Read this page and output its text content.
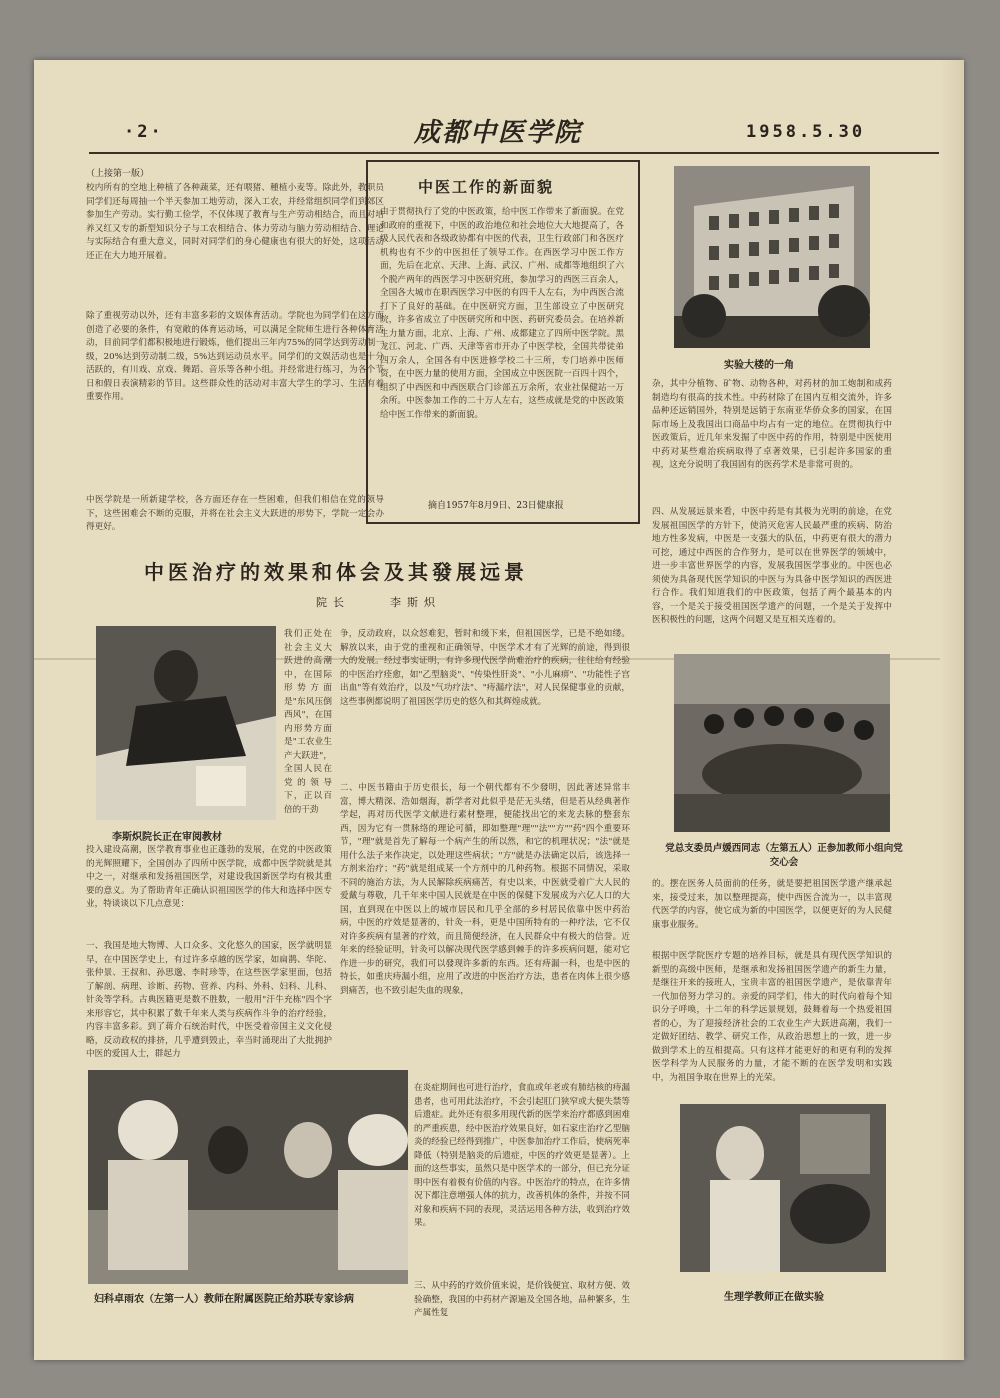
·2·	成都中医学院	1958.5.30
（上接第一版）
校内所有的空地上种植了各种蔬菜，还有喂猪、種植小麦等。除此外，教职员同学们还每周抽一个半天参加工地劳动，深入工农，并经常组织同学们到郊区参加生产劳动。实行勤工俭学，不仅体现了教育与生产劳动相结合，而且对培养又红又专的新型知识分子与工农相结合、体力劳动与脑力劳动相结合、理论与实际结合有重大意义，同时对同学们的身心健康也有很大的好处，这项活动还正在大力地开展着。
除了重视劳动以外，还有丰富多彩的文娱体育活动。学院也为同学们在这方面创造了必要的条件，有宽敞的体育运动场，可以满足全院师生进行各种体育活动，目前同学们都积极地进行锻炼，他们提出三年内75%的同学达到劳动制一级，20%达到劳动制二级，5%达到运动员水平。同学们的文娱活动也是十分活跃的，有川戏、京戏、舞蹈、音乐等各种小组。并经常进行练习，为各个节日和假日表演精彩的节目。这些群众性的活动对丰富大学生的学习、生活有着重要作用。
中医学院是一所新建学校，各方面还存在一些困难，但我们相信在党的领导下，这些困难会不断的克服，并将在社会主义大跃进的形势下，学院一定会办得更好。
中医工作的新面貌
由于贯彻执行了党的中医政策，给中医工作带来了新面貌。在党和政府的重视下，中医的政治地位和社会地位大大地提高了，各级人民代表和各级政协都有中医的代表，卫生行政部门和各医疗机构也有不少的中医担任了领导工作。在西医学习中医工作方面，先后在北京、天津、上海、武汉、广州、成都等地组织了六个脱产两年的西医学习中医研究班，参加学习的西医三百余人，全国各大城市在职西医学习中医的有四千人左右，为中西医合流打下了良好的基础。在中医研究方面，卫生部设立了中医研究院，许多省成立了中医研究所和中医、药研究委员会。在培养新生力量方面，北京、上海、广州、成都建立了四所中医学院。黑龙江、河北、广西、天津等省市开办了中医学校，全国共带徒弟四万余人，全国各有中医进修学校二十三所，专门培养中医师资，在中医力量的使用方面，全国成立中医医院一百四十四个，组织了中西医和中西医联合门诊部五万余所，农业社保健站一万余所。中医参加工作的二十万人左右，这些成就是党的中医政策给中医工作带来的新面貌。
摘自1957年8月9日、23日健康报
实验大楼的一角
杂，其中分植物、矿物、动物各种，对药材的加工炮制和成药制造均有很高的技术性。中药材除了在国内互相交流外，许多品种还远销国外，特别是远销于东南亚华侨众多的国家，在国际市场上及我国出口商品中均占有一定的地位。在贯彻执行中医政策后，近几年来发掘了中医中药的作用，特别是中医使用中药对某些难治疾病取得了卓著效果，已引起许多国家的重视，这充分说明了我国固有的医药学术是非常可贵的。
四、从发展远景来看，中医中药是有其极为光明的前途，在党发展祖国医学的方针下，使消灭危害人民最严重的疾病、防治地方性多发病，中医是一支强大的队伍，中药更有很大的潜力可挖，通过中西医的合作努力，是可以在世界医学的领域中，进一步丰富世界医学的内容，发展我国医学事业的。中医也必须使为具备现代医学知识的中医与为具备中医学知识的西医进行合作。我们知道我们的中医政策，包括了两个最基本的内容，一个是关于接受祖国医学遗产的问题，一个是关于发挥中医积极性的问题，这两个问题又是互相关连着的。
中医治疗的效果和体会及其發展远景
院长	李斯炽
李斯炽院长正在审阅教材
我们正处在社会主义大跃进的高潮中，在国际形势方面是"东风压倒西风"，在国内形势方面是"工农业生产大跃进"，全国人民在党的领导下，正以百倍的干劲
投入建设高潮，医学教育事业也正蓬勃的发展，在党的中医政策的光辉照耀下，全国创办了四所中医学院，成都中医学院就是其中之一，对继承和发扬祖国医学，对建设我国新医学均有极其重要的意义。为了帮助青年正确认识祖国医学的伟大和选择中医专业，特谈谈以下几点意见：
一、我国是地大物博、人口众多、文化悠久的国家，医学就明显早，在中国医学史上，有过许多卓越的医学家，如扁鹊、华陀、张仲景、王叔和、孙思邈、李时珍等，在这些医学家里面，包括了解剖、病理、诊断、药物、营养、内科、外科、妇科、儿科、针灸等学科。古典医籍更是数不胜数，一般用"汗牛充栋"四个字来形容它，其中积累了数千年来人类与疾病作斗争的治疗经验，内容丰富多彩。到了蒋介石统治时代，中医受着帝国主义文化侵略，反动政权的排挤，几乎遭到毁止，幸当时涌现出了大批拥护中医的爱国人士，群起力
争，反动政府，以众怒难犯，暂时和缓下来，但祖国医学，已是不绝如缕。解放以来，由于党的重视和正确领导，中医学术才有了光辉的前途，得到很大的发展。经过事实证明，有许多现代医学尚难治疗的疾病，往往给有经验的中医治疗痊愈，如"乙型脑炎"、"传染性肝炎"、"小儿麻痹"、"功能性子宫出血"等有效治疗，以及"气功疗法"、"痔漏疗法"，对人民保健事业的贡献，这些事例都说明了祖国医学历史的悠久和其辉煌成就。
二、中医书籍由于历史很长，每一个朝代都有不少發明，因此著述异常丰富，博大精深、浩如烟海，新学者对此似乎是茫无头绪，但是若从经典著作学起，再对历代医学文献进行素材整理，便能找出它的来龙去脉的整套东西，因为它有一贯脉络的理论可循，即如整理"理""法""方""药"四个重要环节，"理"就是首先了解每一个病产生的所以然，和它的机理状况；"法"就是用什么法子来作决定，以处理这些病状；"方"就是办法确定以后，该选择一方剂来治疗；"药"就是组成某一个方剂中的几种药物。根据不同情况，采取不同的施治方法，为人民解除疾病痛苦，有史以来，中医就受着广大人民的爱戴与尊敬，几千年来中国人民就是在中医的保健下发展成为六亿人口的大国，直到现在中医以上的城市居民和几乎全部的乡村居民依靠中医中药治病，中医的疗效是显著的，针灸一科，更是中国所特有的一种疗法，它不仅对许多疾病有显著的疗效，而且简便经济，在人民群众中有极大的信誉。近年来的经验证明，针灸可以解决现代医学感到棘手的许多疾病问题，能对它作进一步的研究，我们可以發现许多新的东西。还有痔漏一科，也是中医的特长，如重庆痔漏小组，应用了改进的中医治疗方法，患者在肉体上很少感到痛苦，也不致引起失血的现象，
妇科卓雨农（左第一人）教师在附属医院正给苏联专家诊病
在炎症期间也可进行治疗，食血或年老或有肺结核的痔漏患者，也可用此法治疗，不会引起肛门狭窄或大便失禁等后遗症。此外还有很多用现代新的医学来治疗都感到困难的严重疾患，经中医治疗效果良好，如石家庄治疗乙型脑炎的经验已经得到推广，中医参加治疗工作后，使病死率降低（特别是脑炎的后遗症，中医的疗效更是显著）。上面的这些事实，虽然只是中医学术的一部分，但已充分证明中医有着极有价值的内容。中医治疗的特点，在许多情况下都注意增强人体的抗力，改善机体的条件，并按不同对象和疾病不同的表现，灵活运用各种方法，收到治疗效果。
三、从中药的疗效价值来说，是价钱便宜、取材方便、效验确整，我国的中药材产源遍及全国各地，品种繁多，生产属性复
党总支委员卢媛西同志（左第五人）正参加教师小组向党交心会
的。摆在医务人员面前的任务，就是要把祖国医学遗产继承起来，接受过来，加以整理提高，使中西医合流为一，以丰富现代医学的内容，使它成为新的中国医学，以便更好的为人民健康事业服务。
根据中医学院医疗专题的培养目标，就是具有现代医学知识的新型的高级中医师，是继承和发扬祖国医学遗产的新生力量，是继往开来的接班人，宝贵丰富的祖国医学遗产，是依靠青年一代加倍努力学习的。亲爱的同学们，伟大的时代向着每个知识分子呼唤，十二年的科学远景规划，鼓舞着每一个热爱祖国者的心，为了迎接经济社会的工农业生产大跃进高潮，我们一定做好团结、教学、研究工作，从政治思想上的一致，进一步做到学术上的互相提高。只有这样才能更好的和更有利的发挥医学科学为人民服务的力量，才能不断的在医学发明和实践中，为祖国争取在世界上的光荣。
生理学教师正在做实验
